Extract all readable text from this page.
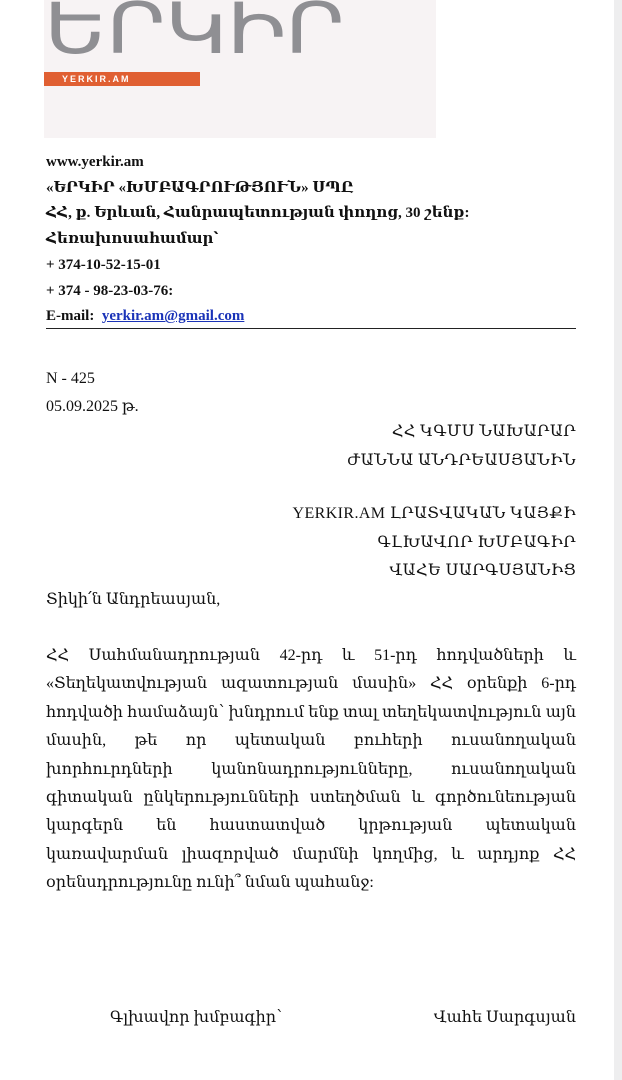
ԵՐԿԻՐ
YERKIR.AM
www.yerkir.am
«ԵՐԿԻՐ «ԽՄԲԱԳՐՈՒԹՅՈՒՆ» ՍՊԸ
ՀՀ, ք. Երևան, Հանրապետության փողոց, 30 շենք:
Հեռախոսահամար՝
+ 374-10-52-15-01
+ 374 - 98-23-03-76:
E-mail: yerkir.am@gmail.com
N - 425
05.09.2025 թ.
ՀՀ ԿԳՄՍ ՆԱԽԱՐԱՐ
ԺԱՆՆԱ ԱՆԴՐԵԱՍՅԱՆԻՆ
YERKIR.AM ԼՐԱՏՎԱԿԱՆ ԿԱՅՔԻ
ԳԼԽԱՎՈՐ ԽՄԲԱԳԻՐ
ՎԱՀԵ ՍԱՐԳՍՅԱՆԻՑ
Տիկի՛ն Անդրեասյան,
ՀՀ Սահմանադրության 42-րդ և 51-րդ հոդվածների և «Տեղեկատվության ազատության մասին» ՀՀ օրենքի 6-րդ հոդվածի համաձայն՝ խնդրում ենք տալ տեղեկատվություն այն մասին, թե որ պետական բուհերի ուսանողական խորհուրդների կանոնադրությունները, ուսանողական գիտական ընկերությունների ստեղծման և գործունեության կարգերն են հաստատված կրթության պետական կառավարման լիազորված մարմնի կողմից, և արդյոք ՀՀ օրենսդրությունը ունի՞ նման պահանջ:
Գլխավոր խմբագիր՝	Վահե Սարգսյան
